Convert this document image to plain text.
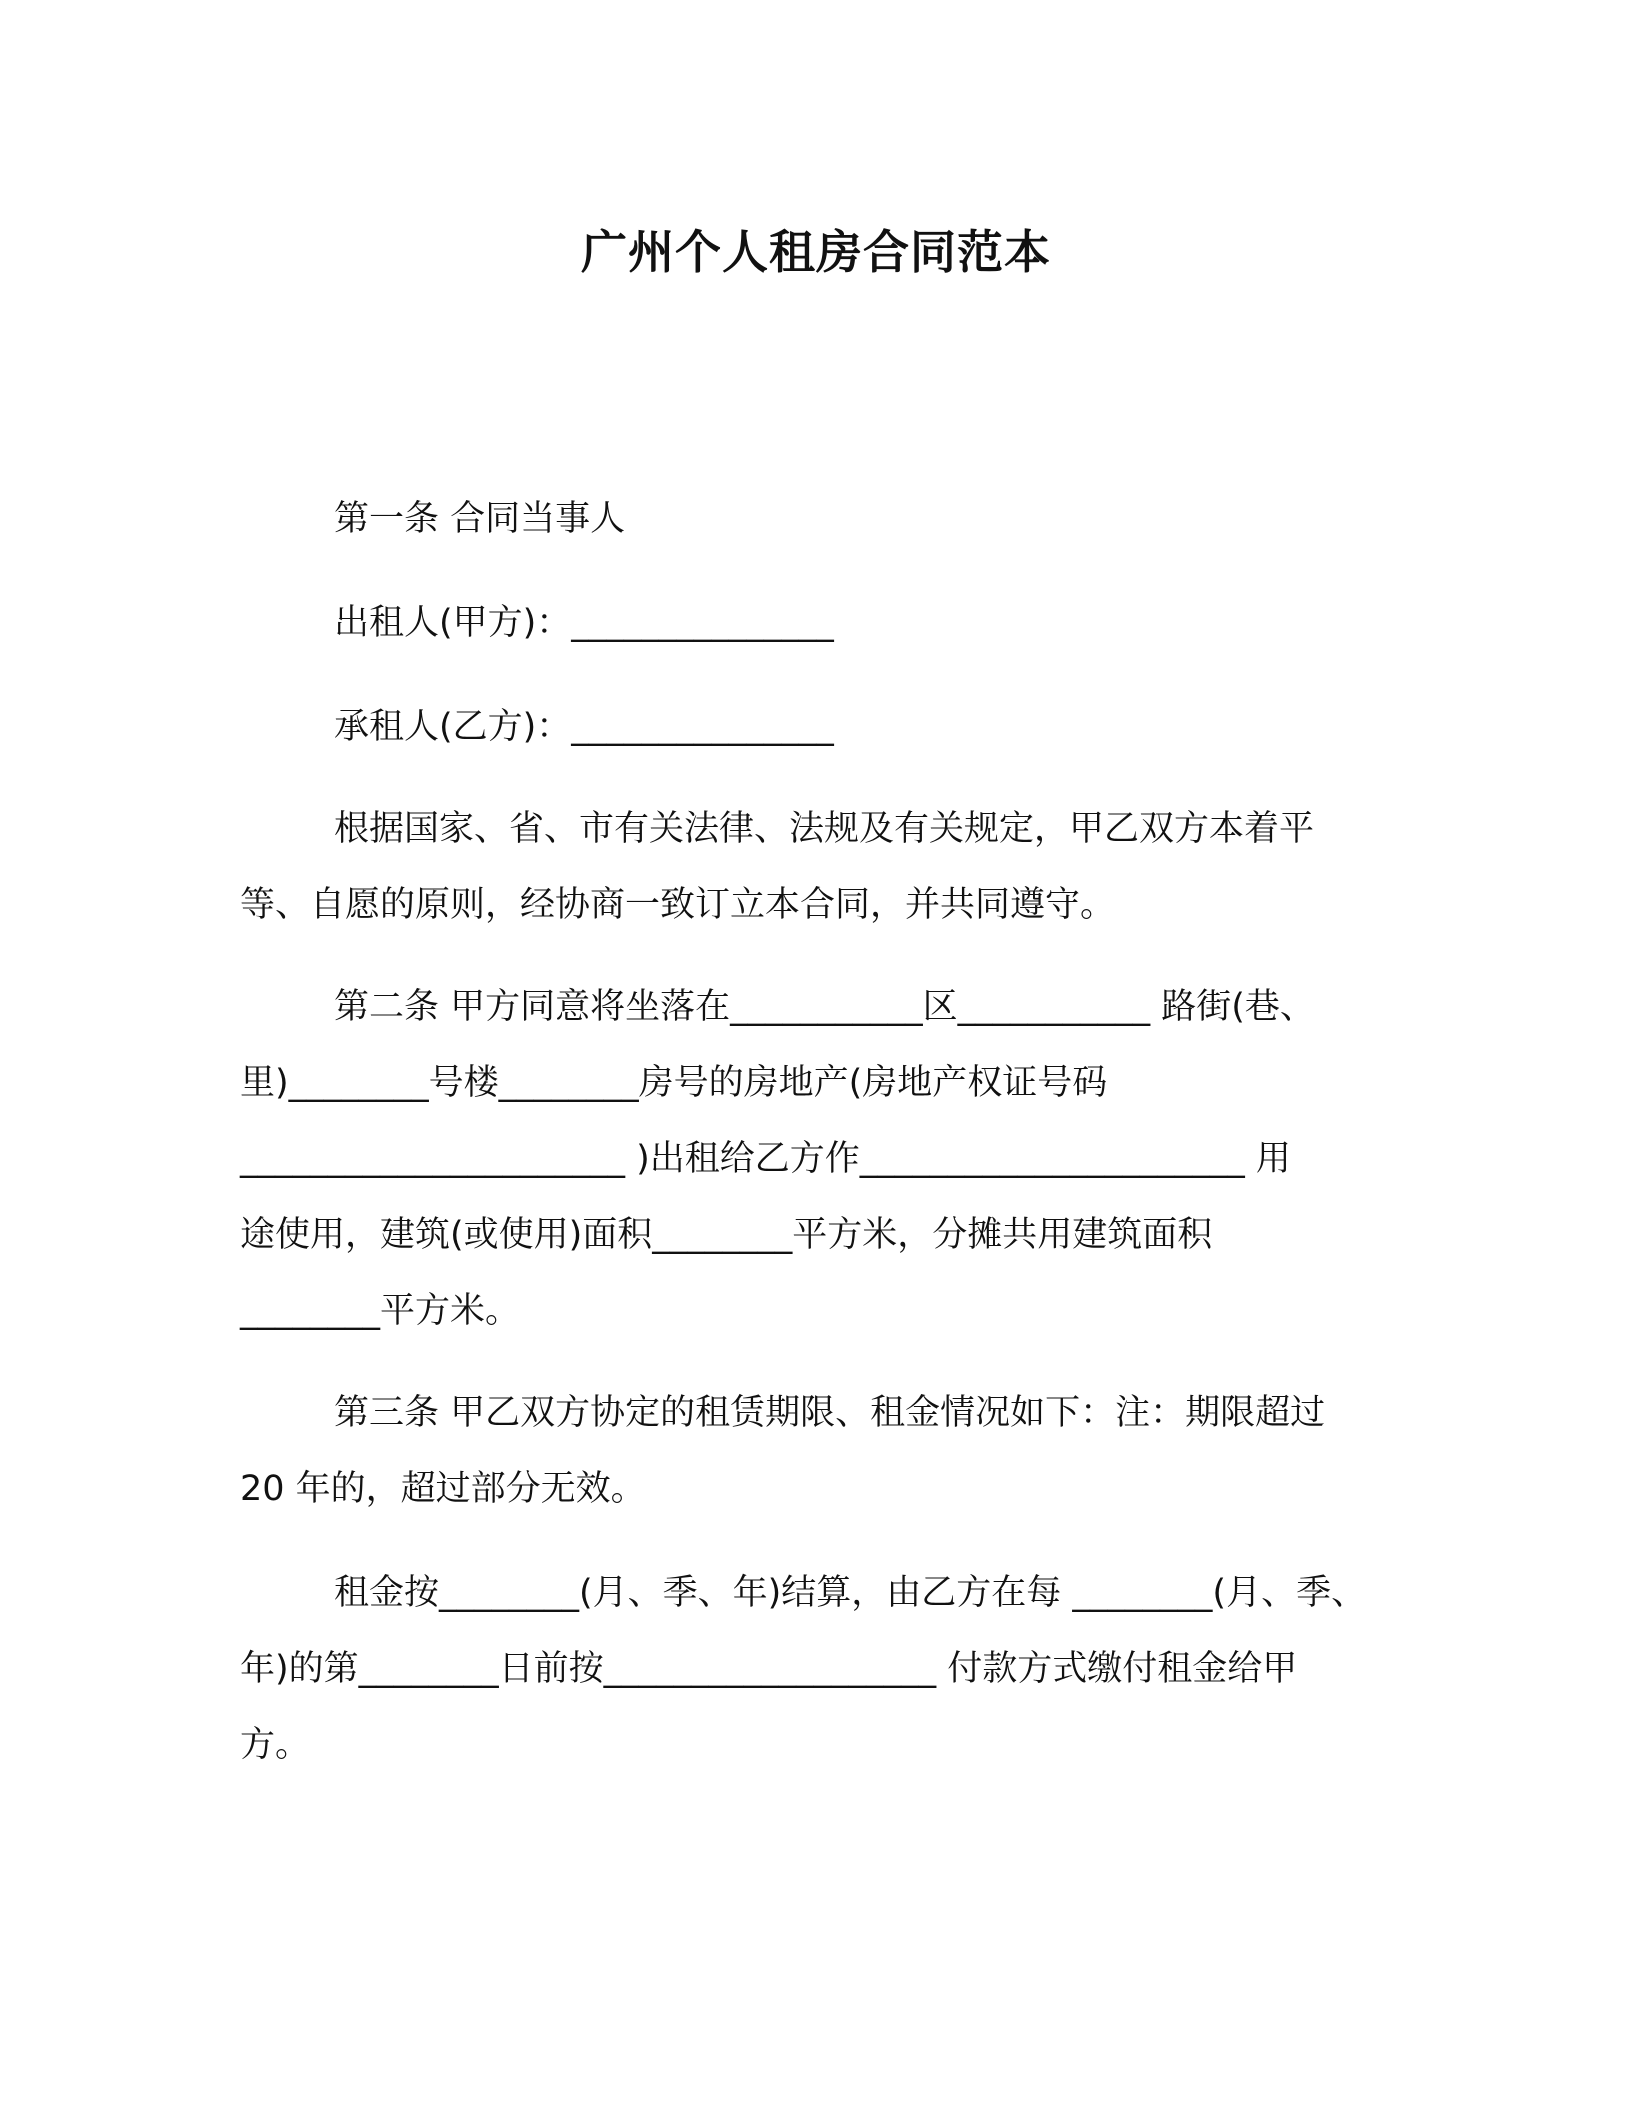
广州个人租房合同范本
第一条 合同当事人
出租人(甲方)：_______________
承租人(乙方)：_______________
根据国家、省、市有关法律、法规及有关规定，甲乙双方本着平
等、自愿的原则，经协商一致订立本合同，并共同遵守。
第二条 甲方同意将坐落在___________区___________ 路街(巷、
里)________号楼________房号的房地产(房地产权证号码
______________________ )出租给乙方作______________________ 用
途使用，建筑(或使用)面积________平方米，分摊共用建筑面积
________平方米。
第三条 甲乙双方协定的租赁期限、租金情况如下：注：期限超过
20 年的，超过部分无效。
租金按________(月、季、年)结算，由乙方在每 ________(月、季、
年)的第________日前按___________________ 付款方式缴付租金给甲
方。
